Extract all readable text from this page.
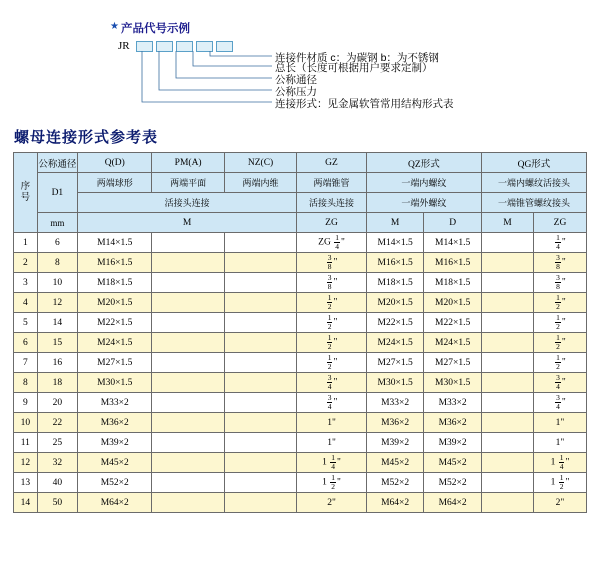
★ 产品代号示例
JR
连接件材质 c：为碳钢 b：为不锈钢
总长（长度可根据用户要求定制）
公称通径
公称压力
连接形式：见金属软管常用结构形式表
螺母连接形式参考表
序
号	公称通径	Q(D)	PM(A)	NZ(C)	GZ	QZ形式		QG形式	
	D1	两端球形	两端平面	两端内维	两端锥管	一端内螺纹		一端内螺纹活接头	
		活接头连接			活接头连接	一端外螺纹		一端锥管螺纹接头	
	mm	M			ZG	M	D	M	ZG
1	6	M14×1.5			ZG $\frac{1}{4}$ "	M14×1.5	M14×1.5		$\frac{1}{4}$ "
2	8	M16×1.5			$\frac{3}{8}$ "	M16×1.5	M16×1.5		$\frac{3}{8}$ "
3	10	M18×1.5			$\frac{3}{8}$ "	M18×1.5	M18×1.5		$\frac{3}{8}$ "
4	12	M20×1.5			$\frac{1}{2}$ "	M20×1.5	M20×1.5		$\frac{1}{2}$ "
5	14	M22×1.5			$\frac{1}{2}$ "	M22×1.5	M22×1.5		$\frac{1}{2}$ "
6	15	M24×1.5			$\frac{1}{2}$ "	M24×1.5	M24×1.5		$\frac{1}{2}$ "
7	16	M27×1.5			$\frac{1}{2}$ "	M27×1.5	M27×1.5		$\frac{1}{2}$ "
8	18	M30×1.5			$\frac{3}{4}$ "	M30×1.5	M30×1.5		$\frac{3}{4}$ "
9	20	M33×2			$\frac{3}{4}$ "	M33×2	M33×2		$\frac{3}{4}$ "
10	22	M36×2			1"	M36×2	M36×2		1"
11	25	M39×2			1"	M39×2	M39×2		1"
12	32	M45×2			$1 \frac{1}{4}$ "	M45×2	M45×2		$1 \frac{1}{4}$ "
13	40	M52×2			$1 \frac{1}{2}$ "	M52×2	M52×2		$1 \frac{1}{2}$ "
14	50	M64×2			2"	M64×2	M64×2		2"
